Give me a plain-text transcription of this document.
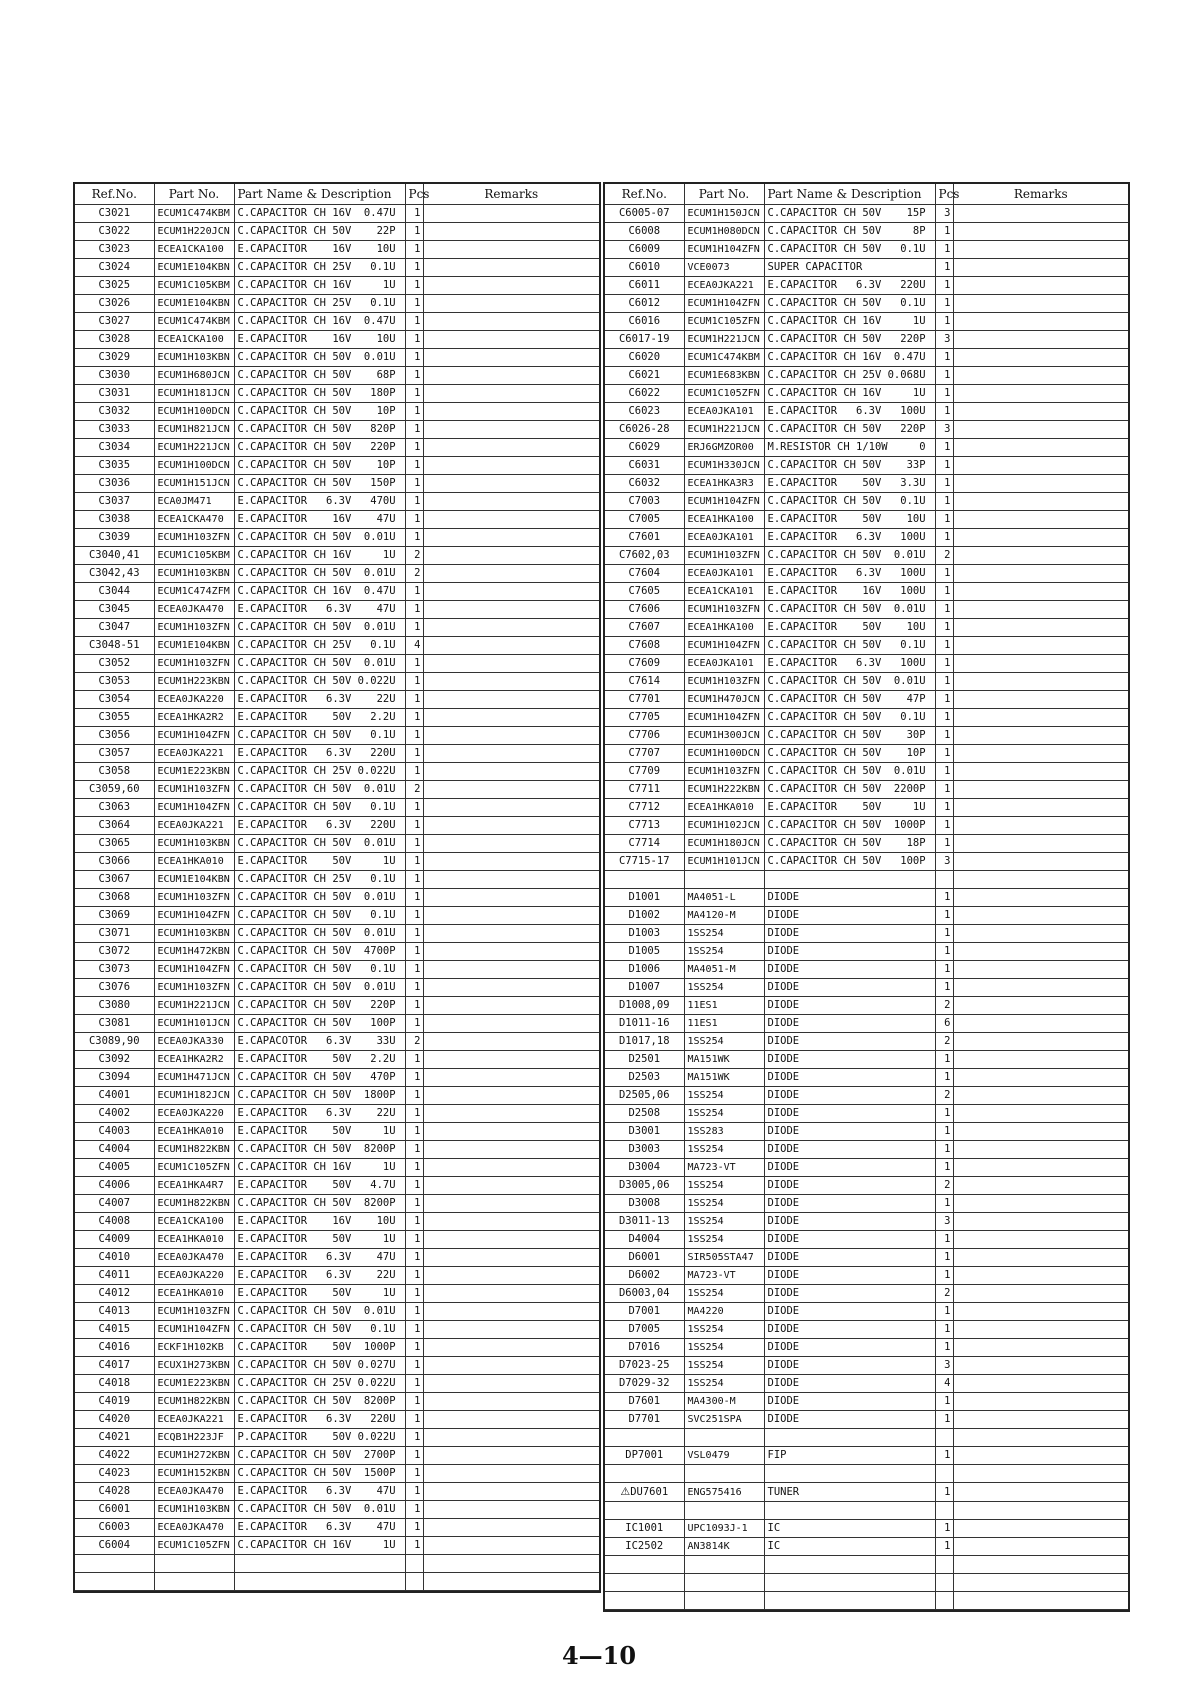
Ref.No.	Part No.	Part Name & Description	Pcs	Remarks
C3021	ECUM1C474KBM	C.CAPACITOR CH 16V  0.47U	1	
C3022	ECUM1H220JCN	C.CAPACITOR CH 50V    22P	1	
C3023	ECEA1CKA100	E.CAPACITOR    16V    10U	1	
C3024	ECUM1E104KBN	C.CAPACITOR CH 25V   0.1U	1	
C3025	ECUM1C105KBM	C.CAPACITOR CH 16V     1U	1	
C3026	ECUM1E104KBN	C.CAPACITOR CH 25V   0.1U	1	
C3027	ECUM1C474KBM	C.CAPACITOR CH 16V  0.47U	1	
C3028	ECEA1CKA100	E.CAPACITOR    16V    10U	1	
C3029	ECUM1H103KBN	C.CAPACITOR CH 50V  0.01U	1	
C3030	ECUM1H680JCN	C.CAPACITOR CH 50V    68P	1	
C3031	ECUM1H181JCN	C.CAPACITOR CH 50V   180P	1	
C3032	ECUM1H100DCN	C.CAPACITOR CH 50V    10P	1	
C3033	ECUM1H821JCN	C.CAPACITOR CH 50V   820P	1	
C3034	ECUM1H221JCN	C.CAPACITOR CH 50V   220P	1	
C3035	ECUM1H100DCN	C.CAPACITOR CH 50V    10P	1	
C3036	ECUM1H151JCN	C.CAPACITOR CH 50V   150P	1	
C3037	ECA0JM471	E.CAPACITOR   6.3V   470U	1	
C3038	ECEA1CKA470	E.CAPACITOR    16V    47U	1	
C3039	ECUM1H103ZFN	C.CAPACITOR CH 50V  0.01U	1	
C3040,41	ECUM1C105KBM	C.CAPACITOR CH 16V     1U	2	
C3042,43	ECUM1H103KBN	C.CAPACITOR CH 50V  0.01U	2	
C3044	ECUM1C474ZFM	C.CAPACITOR CH 16V  0.47U	1	
C3045	ECEA0JKA470	E.CAPACITOR   6.3V    47U	1	
C3047	ECUM1H103ZFN	C.CAPACITOR CH 50V  0.01U	1	
C3048-51	ECUM1E104KBN	C.CAPACITOR CH 25V   0.1U	4	
C3052	ECUM1H103ZFN	C.CAPACITOR CH 50V  0.01U	1	
C3053	ECUM1H223KBN	C.CAPACITOR CH 50V 0.022U	1	
C3054	ECEA0JKA220	E.CAPACITOR   6.3V    22U	1	
C3055	ECEA1HKA2R2	E.CAPACITOR    50V   2.2U	1	
C3056	ECUM1H104ZFN	C.CAPACITOR CH 50V   0.1U	1	
C3057	ECEA0JKA221	E.CAPACITOR   6.3V   220U	1	
C3058	ECUM1E223KBN	C.CAPACITOR CH 25V 0.022U	1	
C3059,60	ECUM1H103ZFN	C.CAPACITOR CH 50V  0.01U	2	
C3063	ECUM1H104ZFN	C.CAPACITOR CH 50V   0.1U	1	
C3064	ECEA0JKA221	E.CAPACITOR   6.3V   220U	1	
C3065	ECUM1H103KBN	C.CAPACITOR CH 50V  0.01U	1	
C3066	ECEA1HKA010	E.CAPACITOR    50V     1U	1	
C3067	ECUM1E104KBN	C.CAPACITOR CH 25V   0.1U	1	
C3068	ECUM1H103ZFN	C.CAPACITOR CH 50V  0.01U	1	
C3069	ECUM1H104ZFN	C.CAPACITOR CH 50V   0.1U	1	
C3071	ECUM1H103KBN	C.CAPACITOR CH 50V  0.01U	1	
C3072	ECUM1H472KBN	C.CAPACITOR CH 50V  4700P	1	
C3073	ECUM1H104ZFN	C.CAPACITOR CH 50V   0.1U	1	
C3076	ECUM1H103ZFN	C.CAPACITOR CH 50V  0.01U	1	
C3080	ECUM1H221JCN	C.CAPACITOR CH 50V   220P	1	
C3081	ECUM1H101JCN	C.CAPACITOR CH 50V   100P	1	
C3089,90	ECEA0JKA330	E.CAPACOTOR   6.3V    33U	2	
C3092	ECEA1HKA2R2	E.CAPACITOR    50V   2.2U	1	
C3094	ECUM1H471JCN	C.CAPACITOR CH 50V   470P	1	
C4001	ECUM1H182JCN	C.CAPACITOR CH 50V  1800P	1	
C4002	ECEA0JKA220	E.CAPACITOR   6.3V    22U	1	
C4003	ECEA1HKA010	E.CAPACITOR    50V     1U	1	
C4004	ECUM1H822KBN	C.CAPACITOR CH 50V  8200P	1	
C4005	ECUM1C105ZFN	C.CAPACITOR CH 16V     1U	1	
C4006	ECEA1HKA4R7	E.CAPACITOR    50V   4.7U	1	
C4007	ECUM1H822KBN	C.CAPACITOR CH 50V  8200P	1	
C4008	ECEA1CKA100	E.CAPACITOR    16V    10U	1	
C4009	ECEA1HKA010	E.CAPACITOR    50V     1U	1	
C4010	ECEA0JKA470	E.CAPACITOR   6.3V    47U	1	
C4011	ECEA0JKA220	E.CAPACITOR   6.3V    22U	1	
C4012	ECEA1HKA010	E.CAPACITOR    50V     1U	1	
C4013	ECUM1H103ZFN	C.CAPACITOR CH 50V  0.01U	1	
C4015	ECUM1H104ZFN	C.CAPACITOR CH 50V   0.1U	1	
C4016	ECKF1H102KB	C.CAPACITOR    50V  1000P	1	
C4017	ECUX1H273KBN	C.CAPACITOR CH 50V 0.027U	1	
C4018	ECUM1E223KBN	C.CAPACITOR CH 25V 0.022U	1	
C4019	ECUM1H822KBN	C.CAPACITOR CH 50V  8200P	1	
C4020	ECEA0JKA221	E.CAPACITOR   6.3V   220U	1	
C4021	ECQB1H223JF	P.CAPACITOR    50V 0.022U	1	
C4022	ECUM1H272KBN	C.CAPACITOR CH 50V  2700P	1	
C4023	ECUM1H152KBN	C.CAPACITOR CH 50V  1500P	1	
C4028	ECEA0JKA470	E.CAPACITOR   6.3V    47U	1	
C6001	ECUM1H103KBN	C.CAPACITOR CH 50V  0.01U	1	
C6003	ECEA0JKA470	E.CAPACITOR   6.3V    47U	1	
C6004	ECUM1C105ZFN	C.CAPACITOR CH 16V     1U	1	

Ref.No.	Part No.	Part Name & Description	Pcs	Remarks
C6005-07	ECUM1H150JCN	C.CAPACITOR CH 50V    15P	3	
C6008	ECUM1H080DCN	C.CAPACITOR CH 50V     8P	1	
C6009	ECUM1H104ZFN	C.CAPACITOR CH 50V   0.1U	1	
C6010	VCE0073	SUPER CAPACITOR	1	
C6011	ECEA0JKA221	E.CAPACITOR   6.3V   220U	1	
C6012	ECUM1H104ZFN	C.CAPACITOR CH 50V   0.1U	1	
C6016	ECUM1C105ZFN	C.CAPACITOR CH 16V     1U	1	
C6017-19	ECUM1H221JCN	C.CAPACITOR CH 50V   220P	3	
C6020	ECUM1C474KBM	C.CAPACITOR CH 16V  0.47U	1	
C6021	ECUM1E683KBN	C.CAPACITOR CH 25V 0.068U	1	
C6022	ECUM1C105ZFN	C.CAPACITOR CH 16V     1U	1	
C6023	ECEA0JKA101	E.CAPACITOR   6.3V   100U	1	
C6026-28	ECUM1H221JCN	C.CAPACITOR CH 50V   220P	3	
C6029	ERJ6GMZOR00	M.RESISTOR CH 1/10W     0	1	
C6031	ECUM1H330JCN	C.CAPACITOR CH 50V    33P	1	
C6032	ECEA1HKA3R3	E.CAPACITOR    50V   3.3U	1	
C7003	ECUM1H104ZFN	C.CAPACITOR CH 50V   0.1U	1	
C7005	ECEA1HKA100	E.CAPACITOR    50V    10U	1	
C7601	ECEA0JKA101	E.CAPACITOR   6.3V   100U	1	
C7602,03	ECUM1H103ZFN	C.CAPACITOR CH 50V  0.01U	2	
C7604	ECEA0JKA101	E.CAPACITOR   6.3V   100U	1	
C7605	ECEA1CKA101	E.CAPACITOR    16V   100U	1	
C7606	ECUM1H103ZFN	C.CAPACITOR CH 50V  0.01U	1	
C7607	ECEA1HKA100	E.CAPACITOR    50V    10U	1	
C7608	ECUM1H104ZFN	C.CAPACITOR CH 50V   0.1U	1	
C7609	ECEA0JKA101	E.CAPACITOR   6.3V   100U	1	
C7614	ECUM1H103ZFN	C.CAPACITOR CH 50V  0.01U	1	
C7701	ECUM1H470JCN	C.CAPACITOR CH 50V    47P	1	
C7705	ECUM1H104ZFN	C.CAPACITOR CH 50V   0.1U	1	
C7706	ECUM1H300JCN	C.CAPACITOR CH 50V    30P	1	
C7707	ECUM1H100DCN	C.CAPACITOR CH 50V    10P	1	
C7709	ECUM1H103ZFN	C.CAPACITOR CH 50V  0.01U	1	
C7711	ECUM1H222KBN	C.CAPACITOR CH 50V  2200P	1	
C7712	ECEA1HKA010	E.CAPACITOR    50V     1U	1	
C7713	ECUM1H102JCN	C.CAPACITOR CH 50V  1000P	1	
C7714	ECUM1H180JCN	C.CAPACITOR CH 50V    18P	1	
C7715-17	ECUM1H101JCN	C.CAPACITOR CH 50V   100P	3	

D1001	MA4051-L	DIODE	1	
D1002	MA4120-M	DIODE	1	
D1003	1SS254	DIODE	1	
D1005	1SS254	DIODE	1	
D1006	MA4051-M	DIODE	1	
D1007	1SS254	DIODE	1	
D1008,09	11ES1	DIODE	2	
D1011-16	11ES1	DIODE	6	
D1017,18	1SS254	DIODE	2	
D2501	MA151WK	DIODE	1	
D2503	MA151WK	DIODE	1	
D2505,06	1SS254	DIODE	2	
D2508	1SS254	DIODE	1	
D3001	1SS283	DIODE	1	
D3003	1SS254	DIODE	1	
D3004	MA723-VT	DIODE	1	
D3005,06	1SS254	DIODE	2	
D3008	1SS254	DIODE	1	
D3011-13	1SS254	DIODE	3	
D4004	1SS254	DIODE	1	
D6001	SIR505STA47	DIODE	1	
D6002	MA723-VT	DIODE	1	
D6003,04	1SS254	DIODE	2	
D7001	MA4220	DIODE	1	
D7005	1SS254	DIODE	1	
D7016	1SS254	DIODE	1	
D7023-25	1SS254	DIODE	3	
D7029-32	1SS254	DIODE	4	
D7601	MA4300-M	DIODE	1	
D7701	SVC251SPA	DIODE	1	

DP7001	VSL0479	FIP	1	

⚠DU7601	ENG575416	TUNER	1	

IC1001	UPC1093J-1	IC	1	
IC2502	AN3814K	IC	1	

4—10
